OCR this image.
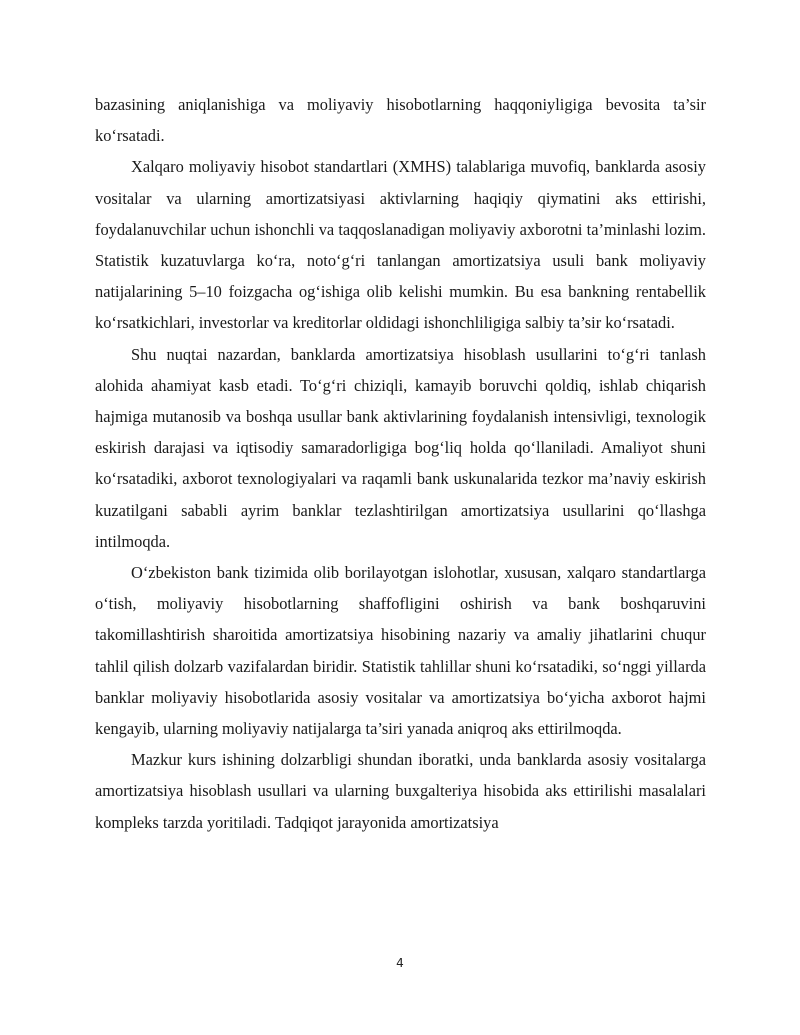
bazasining aniqlanishiga va moliyaviy hisobotlarning haqqoniyligiga bevosita ta’sir ko‘rsatadi.

Xalqaro moliyaviy hisobot standartlari (XMHS) talablariga muvofiq, banklarda asosiy vositalar va ularning amortizatsiyasi aktivlarning haqiqiy qiymatini aks ettirishi, foydalanuvchilar uchun ishonchli va taqqoslanadigan moliyaviy axborotni ta’minlashi lozim. Statistik kuzatuvlarga ko‘ra, noto‘g‘ri tanlangan amortizatsiya usuli bank moliyaviy natijalarining 5–10 foizgacha og‘ishiga olib kelishi mumkin. Bu esa bankning rentabellik ko‘rsatkichlari, investorlar va kreditorlar oldidagi ishonchliligiga salbiy ta’sir ko‘rsatadi.

Shu nuqtai nazardan, banklarda amortizatsiya hisoblash usullarini to‘g‘ri tanlash alohida ahamiyat kasb etadi. To‘g‘ri chiziqli, kamayib boruvchi qoldiq, ishlab chiqarish hajmiga mutanosib va boshqa usullar bank aktivlarining foydalanish intensivligi, texnologik eskirish darajasi va iqtisodiy samaradorligiga bog‘liq holda qo‘llaniladi. Amaliyot shuni ko‘rsatadiki, axborot texnologiyalari va raqamli bank uskunalarida tezkor ma’naviy eskirish kuzatilgani sababli ayrim banklar tezlashtirilgan amortizatsiya usullarini qo‘llashga intilmoqda.

O‘zbekiston bank tizimida olib borilayotgan islohotlar, xususan, xalqaro standartlarga o‘tish, moliyaviy hisobotlarning shaffofligini oshirish va bank boshqaruvini takomillashtirish sharoitida amortizatsiya hisobining nazariy va amaliy jihatlarini chuqur tahlil qilish dolzarb vazifalardan biridir. Statistik tahlillar shuni ko‘rsatadiki, so‘nggi yillarda banklar moliyaviy hisobotlarida asosiy vositalar va amortizatsiya bo‘yicha axborot hajmi kengayib, ularning moliyaviy natijalarga ta’siri yanada aniqroq aks ettirilmoqda.

Mazkur kurs ishining dolzarbligi shundan iboratki, unda banklarda asosiy vositalarga amortizatsiya hisoblash usullari va ularning buxgalteriya hisobida aks ettirilishi masalalari kompleks tarzda yoritiladi. Tadqiqot jarayonida amortizatsiya

4
